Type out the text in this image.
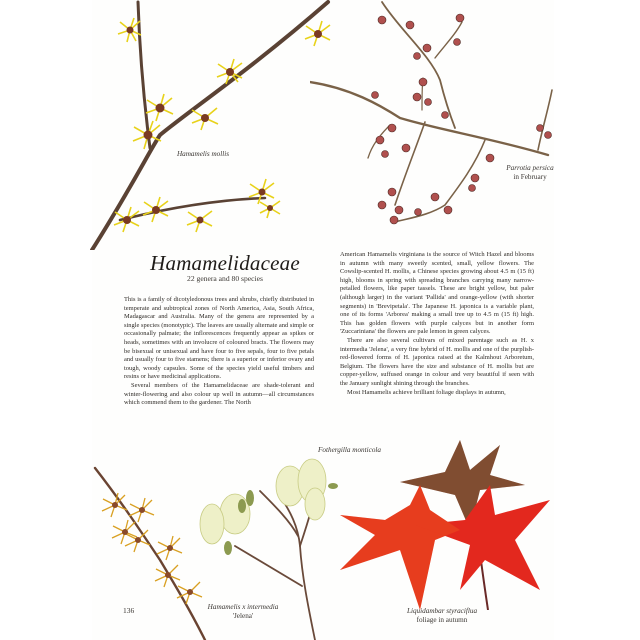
Hamamelis mollis
Parrotia persica
in February
Hamamelidaceae
22 genera and 80 species

This is a family of dicotyledonous trees and shrubs, chiefly distributed in temperate and subtropical zones of North America, Asia, South Africa, Madagascar and Australia. Many of the genera are represented by a single species (monotypic). The leaves are usually alternate and simple or occasionally palmate; the inflorescences frequently appear as spikes or heads, sometimes with an involucre of coloured bracts. The flowers may be bisexual or unisexual and have four to five sepals, four to five petals and usually four to five stamens; there is a superior or inferior ovary and tough, woody capsules. Some of the species yield useful timbers and resins or have medicinal applications.

Several members of the Hamamelidaceae are shade-tolerant and winter-flowering and also colour up well in autumn—all circumstances which commend them to the gardener. The North

American Hamamelis virginiana is the source of Witch Hazel and blooms in autumn with many sweetly scented, small, yellow flowers. The Cowslip-scented H. mollis, a Chinese species growing about 4.5 m (15 ft) high, blooms in spring with spreading branches carrying many narrow-petalled flowers, like paper tassels. These are bright yellow, but paler (although larger) in the variant 'Pallida' and orange-yellow (with shorter segments) in 'Brevipetala'. The Japanese H. japonica is a variable plant, one of its forms 'Arborea' making a small tree up to 4.5 m (15 ft) high. This has golden flowers with purple calyces but in another form 'Zuccariniana' the flowers are pale lemon in green calyces.

There are also several cultivars of mixed parentage such as H. x intermedia 'Jelena', a very fine hybrid of H. mollis and one of the purplish-red-flowered forms of H. japonica raised at the Kalmhout Arboretum, Belgium. The flowers have the size and substance of H. mollis but are copper-yellow, suffused orange in colour and very beautiful if seen with the January sunlight shining through the branches.

Most Hamamelis achieve brilliant foliage displays in autumn,

Hamamelis x intermedia
'Jelena'
136
Fothergilla monticola
Liquidambar styraciflua
foliage in autumn
